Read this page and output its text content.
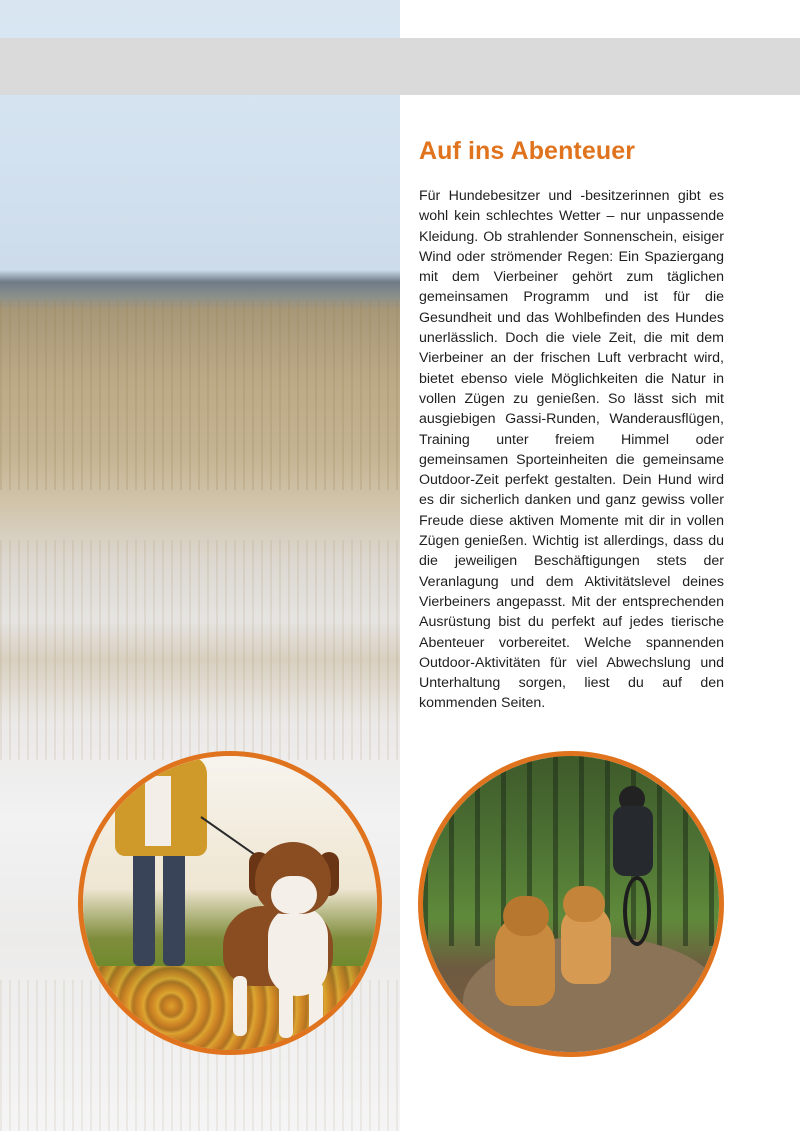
Auf ins Abenteuer

Für Hundebesitzer und -besitzerinnen gibt es wohl kein schlechtes Wetter – nur unpassende Kleidung. Ob strahlender Sonnenschein, eisiger Wind oder strömender Regen: Ein Spaziergang mit dem Vierbeiner gehört zum täglichen gemeinsamen Programm und ist für die Gesundheit und das Wohlbefinden des Hundes unerlässlich. Doch die viele Zeit, die mit dem Vierbeiner an der frischen Luft verbracht wird, bietet ebenso viele Möglichkeiten die Natur in vollen Zügen zu genießen. So lässt sich mit ausgiebigen Gassi-Runden, Wanderausflügen, Training unter freiem Himmel oder gemeinsamen Sporteinheiten die gemeinsame Outdoor-Zeit perfekt gestalten. Dein Hund wird es dir sicherlich danken und ganz gewiss voller Freude diese aktiven Momente mit dir in vollen Zügen genießen. Wichtig ist allerdings, dass du die jeweiligen Beschäftigungen stets der Veranlagung und dem Aktivitätslevel deines Vierbeiners angepasst. Mit der entsprechenden Ausrüstung bist du perfekt auf jedes tierische Abenteuer vorbereitet. Welche spannenden Outdoor-Aktivitäten für viel Abwechslung und Unterhaltung sorgen, liest du auf den kommenden Seiten.
